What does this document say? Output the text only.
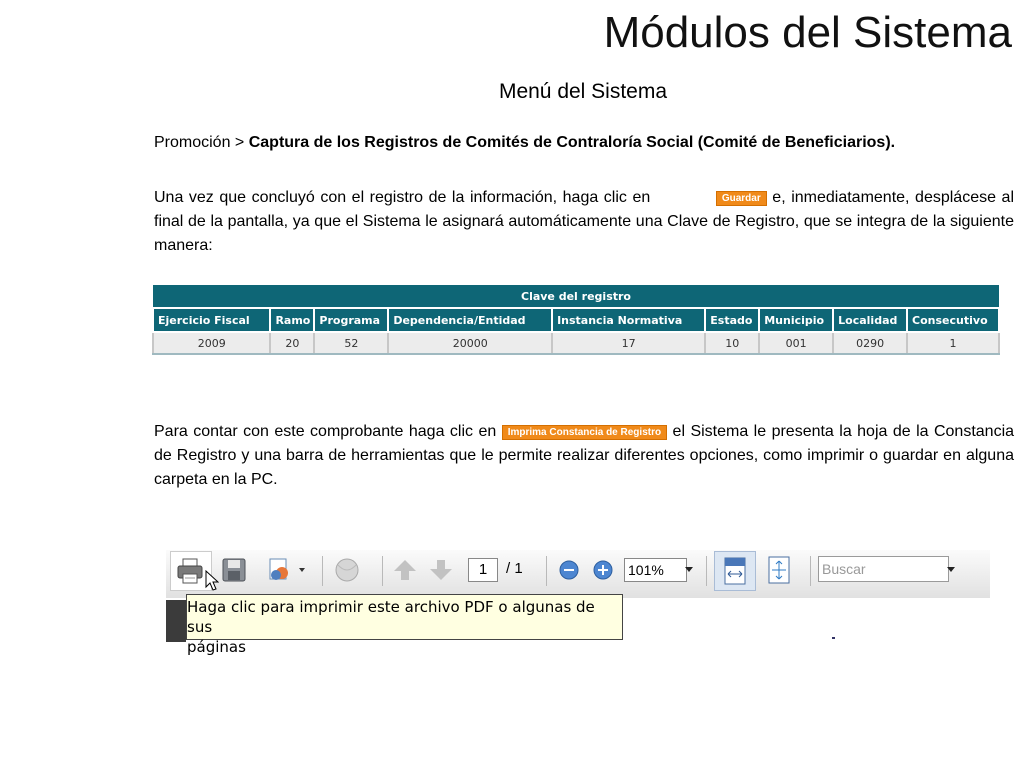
Módulos del Sistema
Menú del Sistema
Promoción > Captura de los Registros de Comités de Contraloría Social (Comité de Beneficiarios).
Una vez que concluyó con el registro de la información, haga clic en	Guardar e, inmediatamente, desplácese al final de la pantalla, ya que el Sistema le asignará automáticamente una Clave de Registro, que se integra de la siguiente manera:
Clave del registro								
Ejercicio Fiscal	Ramo	Programa	Dependencia/Entidad	Instancia Normativa	Estado	Municipio	Localidad	Consecutivo
2009	20	52	20000	17	10	001	0290	1
Para contar con este comprobante haga clic en Imprima Constancia de Registro el Sistema le presenta la hoja de la Constancia de Registro y una barra de herramientas que le permite realizar diferentes opciones, como imprimir o guardar en alguna carpeta en la PC.
1	/ 1	101%	Buscar
Haga clic para imprimir este archivo PDF o algunas de sus
páginas
